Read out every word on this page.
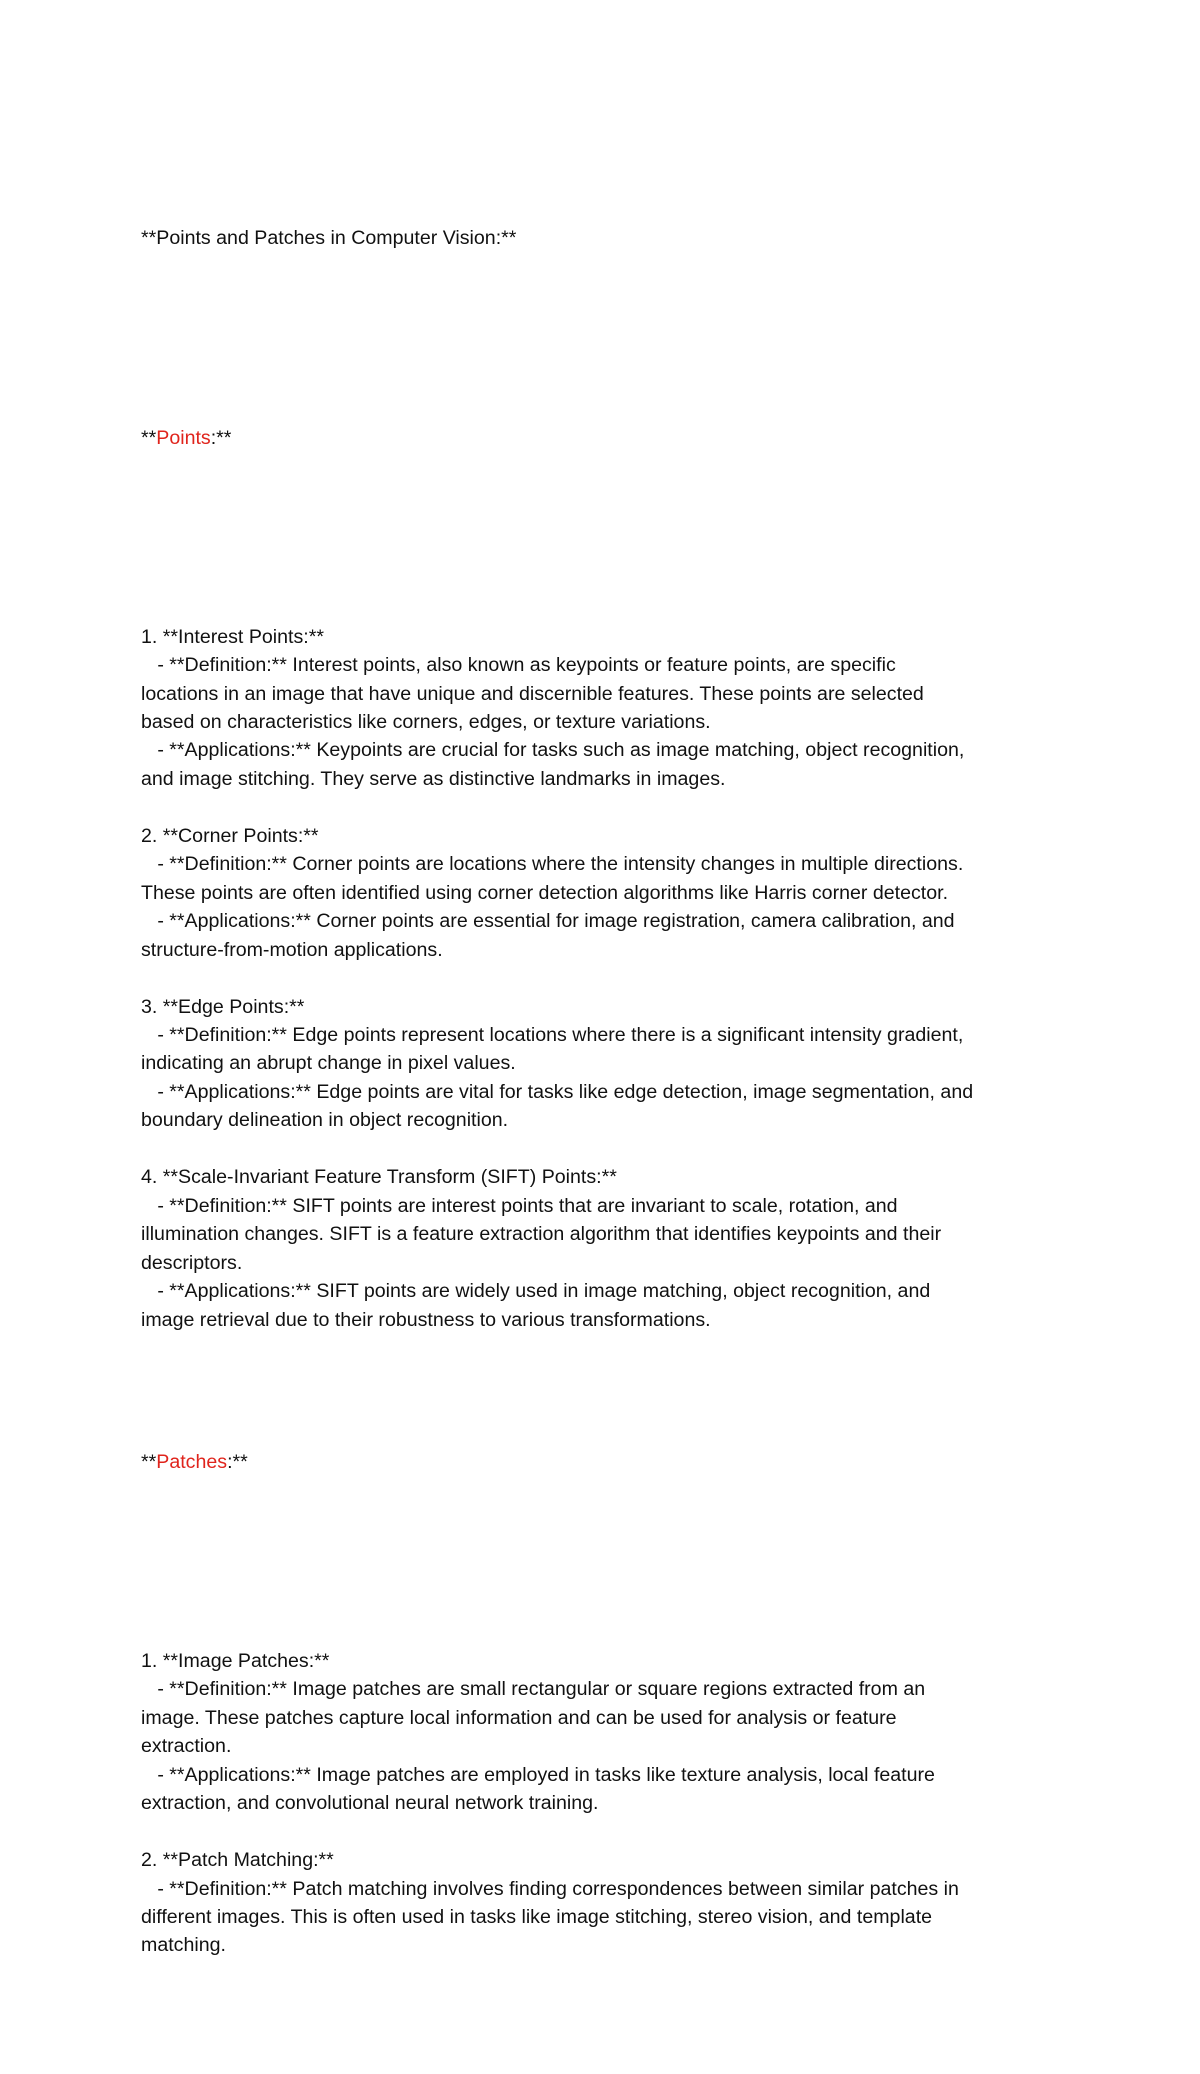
**Points and Patches in Computer Vision:**

**Points:**

1. **Interest Points:**
- **Definition:** Interest points, also known as keypoints or feature points, are specific
locations in an image that have unique and discernible features. These points are selected
based on characteristics like corners, edges, or texture variations.
- **Applications:** Keypoints are crucial for tasks such as image matching, object recognition,
and image stitching. They serve as distinctive landmarks in images.
2. **Corner Points:**
- **Definition:** Corner points are locations where the intensity changes in multiple directions.
These points are often identified using corner detection algorithms like Harris corner detector.
- **Applications:** Corner points are essential for image registration, camera calibration, and
structure-from-motion applications.
3. **Edge Points:**
- **Definition:** Edge points represent locations where there is a significant intensity gradient,
indicating an abrupt change in pixel values.
- **Applications:** Edge points are vital for tasks like edge detection, image segmentation, and
boundary delineation in object recognition.
4. **Scale-Invariant Feature Transform (SIFT) Points:**
- **Definition:** SIFT points are interest points that are invariant to scale, rotation, and
illumination changes. SIFT is a feature extraction algorithm that identifies keypoints and their
descriptors.
- **Applications:** SIFT points are widely used in image matching, object recognition, and
image retrieval due to their robustness to various transformations.

**Patches:**

1. **Image Patches:**
- **Definition:** Image patches are small rectangular or square regions extracted from an
image. These patches capture local information and can be used for analysis or feature
extraction.
- **Applications:** Image patches are employed in tasks like texture analysis, local feature
extraction, and convolutional neural network training.
2. **Patch Matching:**
- **Definition:** Patch matching involves finding correspondences between similar patches in
different images. This is often used in tasks like image stitching, stereo vision, and template
matching.
